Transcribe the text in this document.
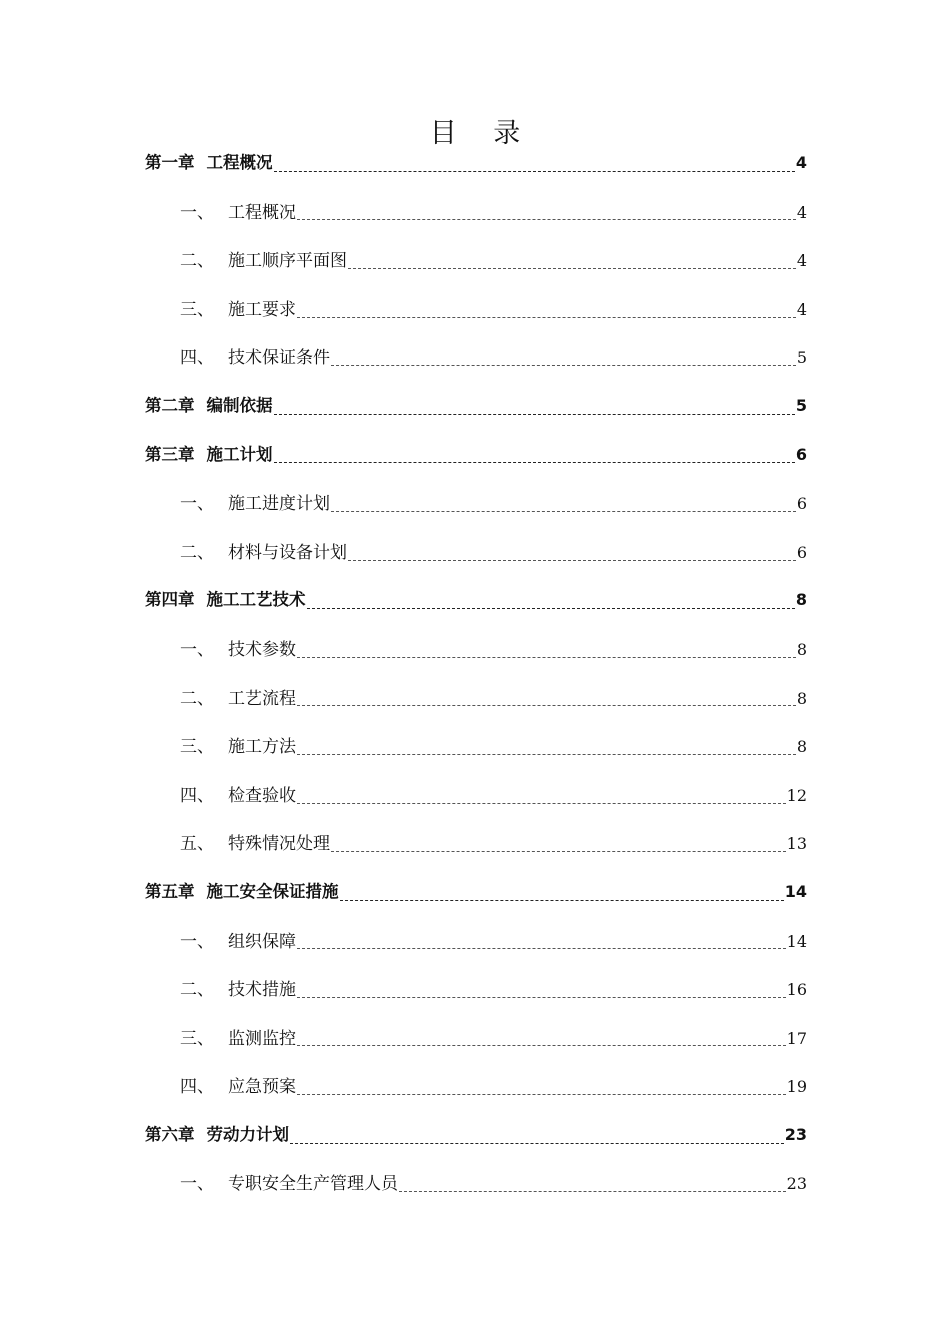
目 录
第一章 工程概况	4
一、 工程概况	4
二、 施工顺序平面图	4
三、 施工要求	4
四、 技术保证条件	5
第二章 编制依据	5
第三章 施工计划	6
一、 施工进度计划	6
二、 材料与设备计划	6
第四章 施工工艺技术	8
一、 技术参数	8
二、 工艺流程	8
三、 施工方法	8
四、 检查验收	12
五、 特殊情况处理	13
第五章 施工安全保证措施	14
一、 组织保障	14
二、 技术措施	16
三、 监测监控	17
四、 应急预案	19
第六章 劳动力计划	23
一、 专职安全生产管理人员	23
